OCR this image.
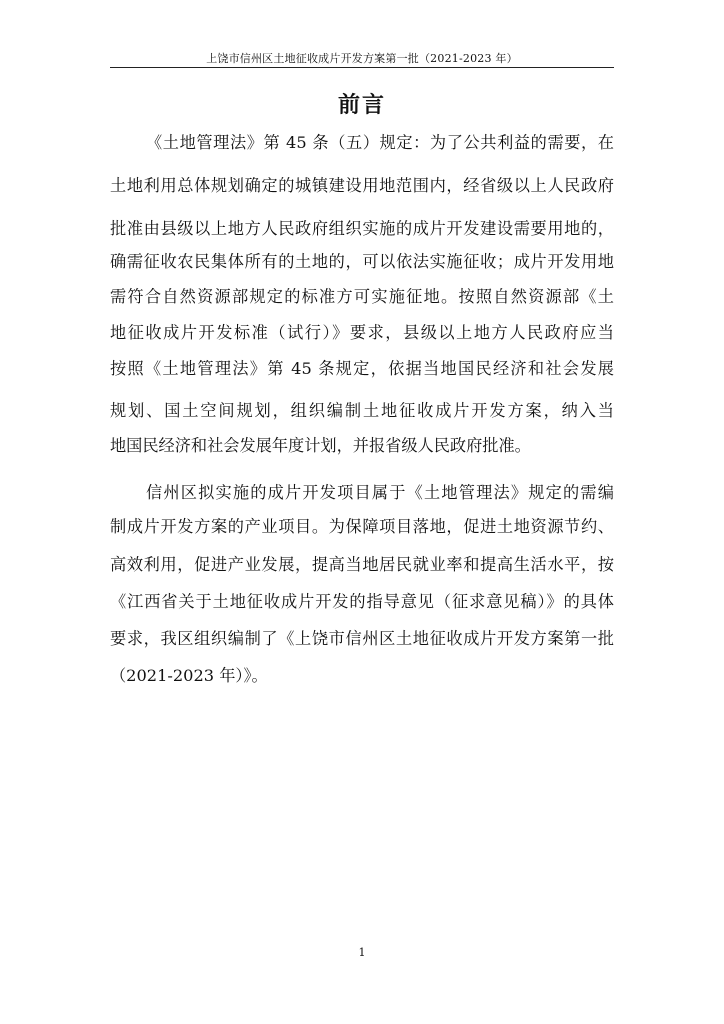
上饶市信州区土地征收成片开发方案第一批（2021-2023 年）
前言
《土地管理法》第 45 条（五）规定：为了公共利益的需要，在
土地利用总体规划确定的城镇建设用地范围内，经省级以上人民政府
批准由县级以上地方人民政府组织实施的成片开发建设需要用地的，
确需征收农民集体所有的土地的，可以依法实施征收；成片开发用地
需符合自然资源部规定的标准方可实施征地。按照自然资源部《土
地征收成片开发标准（试行）》要求，县级以上地方人民政府应当
按照《土地管理法》第 45 条规定，依据当地国民经济和社会发展
规划、国土空间规划，组织编制土地征收成片开发方案，纳入当
地国民经济和社会发展年度计划，并报省级人民政府批准。
信州区拟实施的成片开发项目属于《土地管理法》规定的需编
制成片开发方案的产业项目。为保障项目落地，促进土地资源节约、
高效利用，促进产业发展，提高当地居民就业率和提高生活水平，按
《江西省关于土地征收成片开发的指导意见（征求意见稿）》的具体
要求，我区组织编制了《上饶市信州区土地征收成片开发方案第一批
（2021-2023 年）》。
1
